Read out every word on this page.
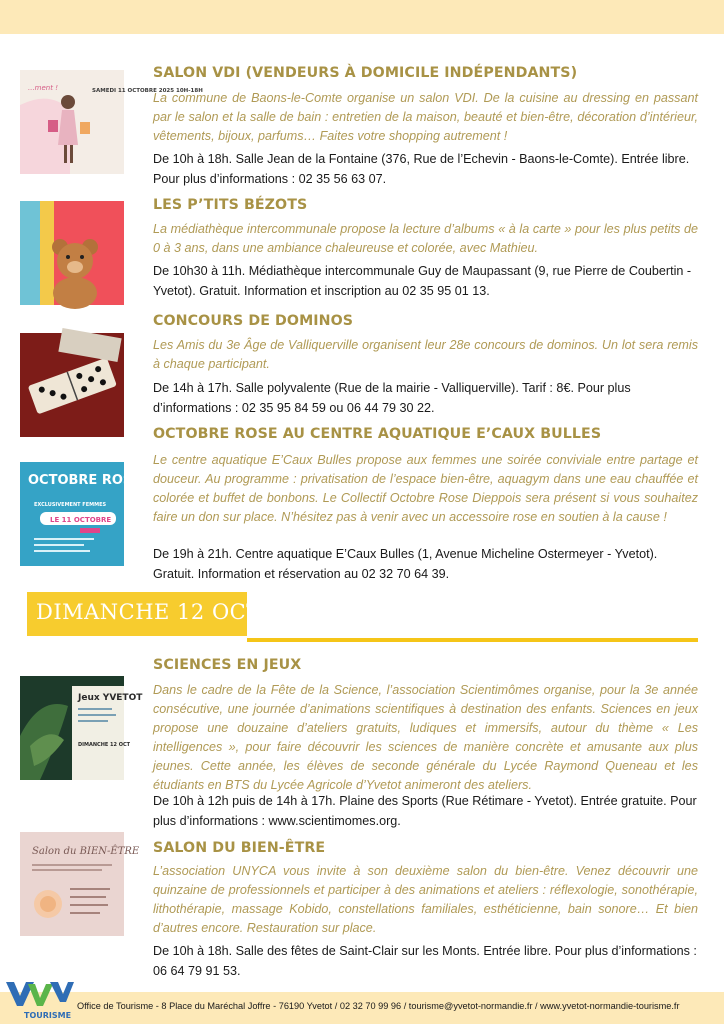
SAMEDI 11 OCTOBRE 2025 10H-18H
...ment !
SALON VDI (VENDEURS À DOMICILE INDÉPENDANTS)
La commune de Baons-le-Comte organise un salon VDI. De la cuisine au dressing en passant par le salon et la salle de bain : entretien de la maison, beauté et bien-être, décoration d’intérieur, vêtements, bijoux, parfums… Faites votre shopping autrement !
De 10h à 18h. Salle Jean de la Fontaine (376, Rue de l’Echevin - Baons-le-Comte). Entrée libre. Pour plus d’informations : 02 35 56 63 07.
LES P’TITS BÉZOTS
La médiathèque intercommunale propose la lecture d’albums « à la carte » pour les plus petits de 0 à 3 ans, dans une ambiance chaleureuse et colorée, avec Mathieu.
De 10h30 à 11h. Médiathèque intercommunale Guy de Maupassant (9, rue Pierre de Coubertin - Yvetot). Gratuit. Information et inscription au 02 35 95 01 13.
CONCOURS DE DOMINOS
Les Amis du 3e Âge de Valliquerville organisent leur 28e concours de dominos. Un lot sera remis à chaque participant.
De 14h à 17h. Salle polyvalente (Rue de la mairie - Valliquerville). Tarif : 8€. Pour plus d’informations : 02 35 95 84 59 ou 06 44 79 30 22.
OCTOBRE ROSE
EXCLUSIVEMENT FEMMES
LE 11 OCTOBRE
OCTOBRE ROSE AU CENTRE AQUATIQUE E’CAUX BULLES
Le centre aquatique E’Caux Bulles propose aux femmes une soirée conviviale entre partage et douceur. Au programme : privatisation de l’espace bien-être, aquagym dans une eau chauffée et colorée et buffet de bonbons. Le Collectif Octobre Rose Dieppois sera présent si vous souhaitez faire un don sur place. N’hésitez pas à venir avec un accessoire rose en soutien à la cause !
De 19h à 21h. Centre aquatique E’Caux Bulles (1, Avenue Micheline Ostermeyer - Yvetot). Gratuit. Information et réservation au 02 32 70 64 39.
DIMANCHE 12 OCTOBRE
Jeux YVETOT
DIMANCHE 12 OCT
SCIENCES EN JEUX
Dans le cadre de la Fête de la Science, l’association Scientimômes organise, pour la 3e année consécutive, une journée d’animations scientifiques à destination des enfants. Sciences en jeux propose une douzaine d’ateliers gratuits, ludiques et immersifs, autour du thème « Les intelligences », pour faire découvrir les sciences de manière concrète et amusante aux plus jeunes. Cette année, les élèves de seconde générale du Lycée Raymond Queneau et les étudiants en BTS du Lycée Agricole d’Yvetot animeront des ateliers.
De 10h à 12h puis de 14h à 17h. Plaine des Sports (Rue Rétimare - Yvetot). Entrée gratuite. Pour plus d’informations : www.scientimomes.org.
Salon du BIEN-ÊTRE SALON DU BIEN-ÊTRE
L’association UNYCA vous invite à son deuxième salon du bien-être. Venez découvrir une quinzaine de professionnels et participer à des animations et ateliers : réflexologie, sonothérapie, lithothérapie, massage Kobido, constellations familiales, esthéticienne, bain sonore… Et bien d’autres encore. Restauration sur place.
De 10h à 18h. Salle des fêtes de Saint-Clair sur les Monts. Entrée libre. Pour plus d’informations : 06 64 79 91 53.
TOURISME
Office de Tourisme - 8 Place du Maréchal Joffre - 76190 Yvetot / 02 32 70 99 96 / tourisme@yvetot-normandie.fr / www.yvetot-normandie-tourisme.fr
